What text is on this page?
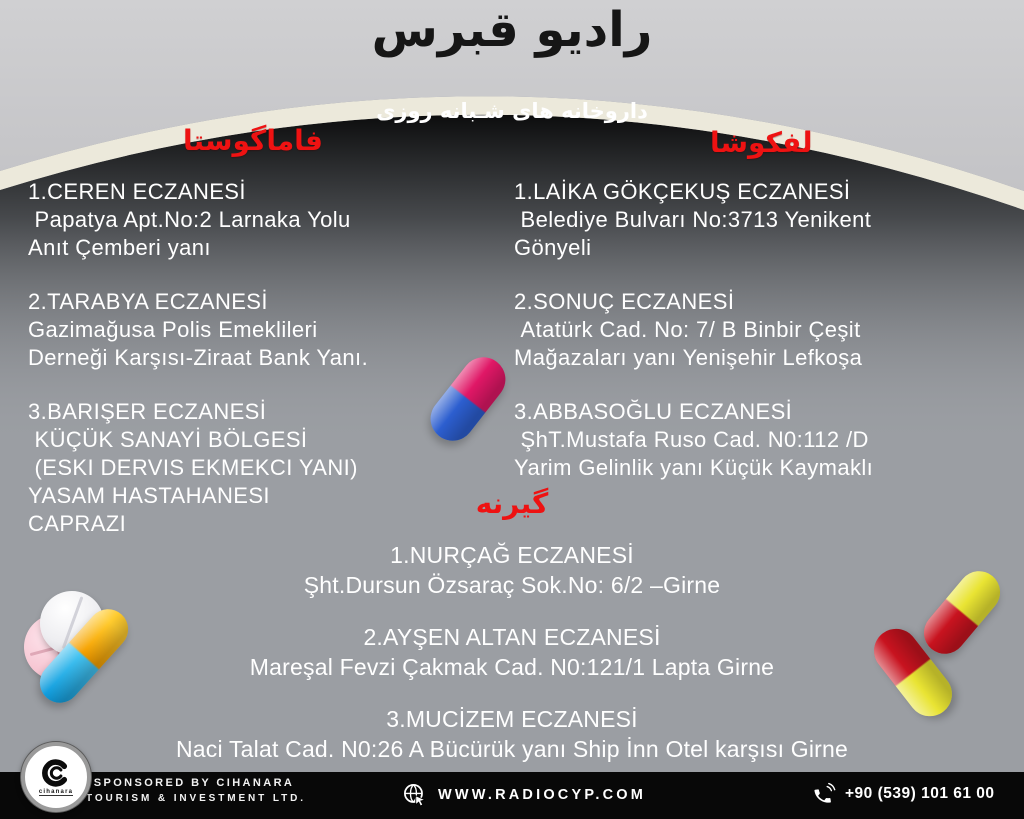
راديو قبرس
داروخانه های شـبانه روزی
فاماگوستا	لفکوشا
1.CEREN ECZANESİ
Papatya Apt.No:2 Larnaka Yolu
Anıt Çemberi yanı
2.TARABYA ECZANESİ
Gazimağusa Polis Emeklileri
Derneği Karşısı-Ziraat Bank Yanı.
3.BARIŞER ECZANESİ
KÜÇÜK SANAYİ BÖLGESİ
(ESKI DERVIS EKMEKCI YANI)
YASAM HASTAHANESI
CAPRAZI
1.LAİKA GÖKÇEKUŞ ECZANESİ
Belediye Bulvarı No:3713 Yenikent
Gönyeli
2.SONUÇ ECZANESİ
Atatürk Cad. No: 7/ B Binbir Çeşit
Mağazaları yanı Yenişehir Lefkoşa
3.ABBASOĞLU ECZANESİ
ŞhT.Mustafa Ruso Cad. N0:112 /D
Yarim Gelinlik yanı Küçük Kaymaklı
گیرنه
1.NURÇAĞ ECZANESİ
Şht.Dursun Özsaraç Sok.No: 6/2 –Girne
2.AYŞEN ALTAN ECZANESİ
Mareşal Fevzi Çakmak Cad. N0:121/1 Lapta Girne
3.MUCİZEM ECZANESİ
Naci Talat Cad. N0:26 A Bücürük yanı Ship İnn Otel karşısı Girne
cihanara
SPONSORED BY CIHANARA
TOURISM & INVESTMENT LTD.	WWW.RADIOCYP.COM	+90 (539) 101 61 00
